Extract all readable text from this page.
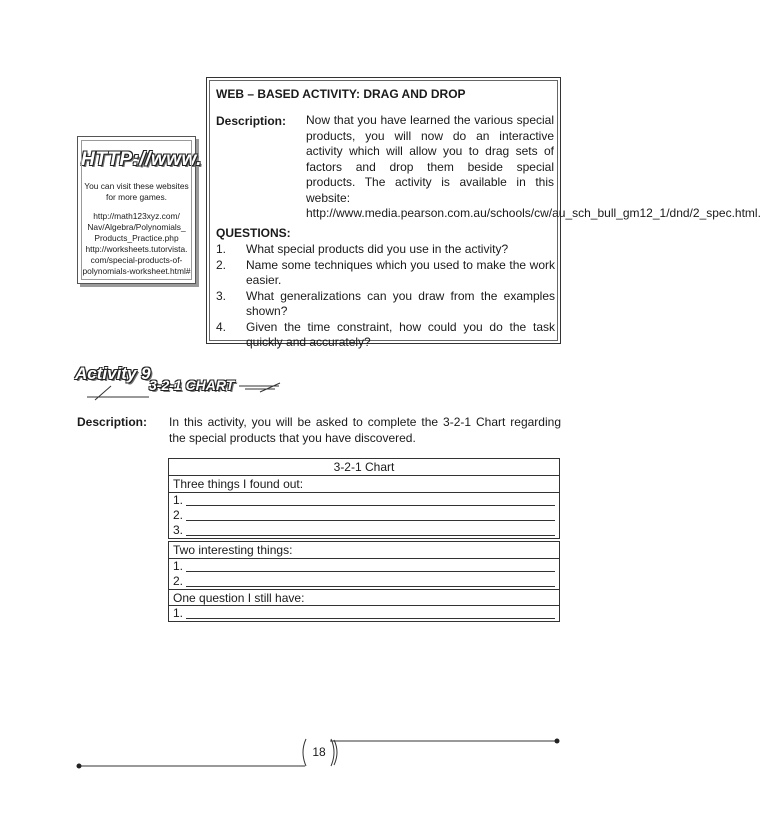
HTTP://www.
You can visit these websites
for more games.
http://math123xyz.com/
Nav/Algebra/Polynomials_
Products_Practice.php
http://worksheets.tutorvista.
com/special-products-of-
polynomials-worksheet.html#
WEB – BASED ACTIVITY: DRAG AND DROP
Description: Now that you have learned the various special products, you will now do an interactive activity which will allow you to drag sets of factors and drop them beside special products. The activity is available in this website: http://www.media.pearson.com.au/schools/cw/au_sch_bull_gm12_1/dnd/2_spec.html.
QUESTIONS:
1.	What special products did you use in the activity?
2.	Name some techniques which you used to make the work easier.
3.	What generalizations can you draw from the examples shown?
4.	Given the time constraint, how could you do the task quickly and accurately?
Activity 9
3-2-1 CHART
Description: In this activity, you will be asked to complete the 3-2-1 Chart regarding the special products that you have discovered.
3-2-1 Chart
Three things I found out:
1.
2.
3.
Two interesting things:
1.
2.
One question I still have:
1.
18
